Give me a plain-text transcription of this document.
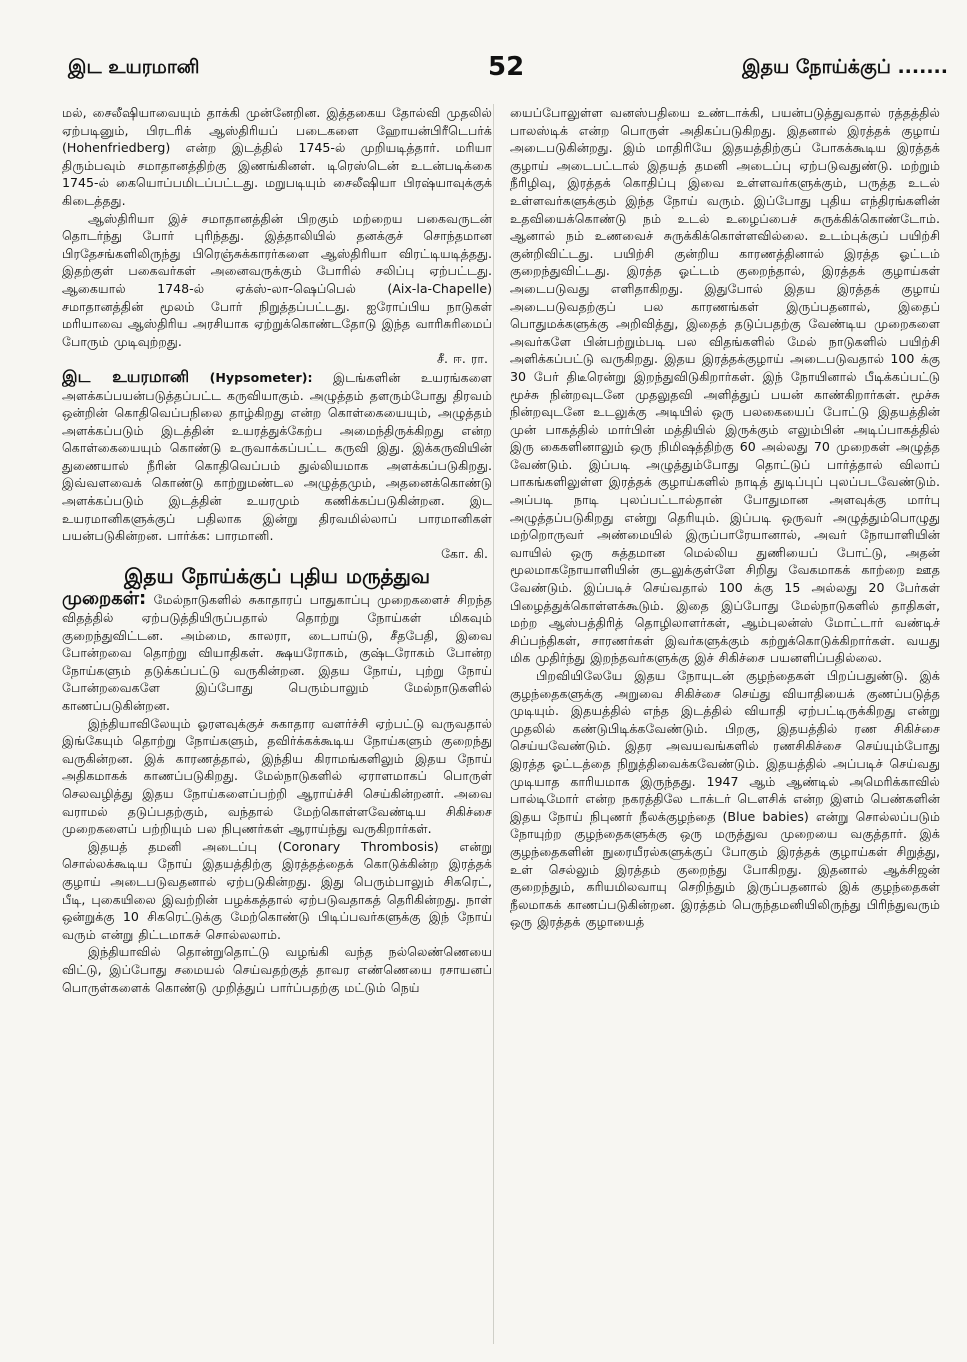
இட உயரமானி	52	இதய நோய்க்குப் .......

மல், சைலீஷியாவையும் தாக்கி முன்னேறின. இத்தகைய தோல்வி முதலில் ஏற்படினும், பிரடரிக் ஆஸ்திரியப் படைகளை ஹோயன்பிரீடெபர்க் (Hohenfriedberg) என்ற இடத்தில் 1745-ல் முறியடித்தார். மரியா திரும்பவும் சமாதானத்திற்கு இணங்கினள். டிரெஸ்டென் உடன்படிக்கை 1745-ல் கையொப்பமிடப்பட்டது. மறுபடியும் சைலீஷியா பிரஷ்யாவுக்குக் கிடைத்தது.

ஆஸ்திரியா இச் சமாதானத்தின் பிறகும் மற்றைய பகைவருடன் தொடர்ந்து போர் புரிந்தது. இத்தாலியில் தனக்குச் சொந்தமான பிரதேசங்களிலிருந்து பிரெஞ்சுக்காரர்களை ஆஸ்திரியா விரட்டியடித்தது. இதற்குள் பகைவர்கள் அனைவருக்கும் போரில் சலிப்பு ஏற்பட்டது. ஆகையால் 1748-ல் ஏக்ஸ்-லா-ஷெப்பெல் (Aix-la-Chapelle) சமாதானத்தின் மூலம் போர் நிறுத்தப்பட்டது. ஐரோப்பிய நாடுகள் மரியாவை ஆஸ்திரிய அரசியாக ஏற்றுக்கொண்டதோடு இந்த வாரிசுரிமைப் போரும் முடிவுற்றது.

சீ. ஈ. ரா.

இட உயரமானி (Hypsometer): இடங்களின் உயரங்களை அளக்கப்பயன்படுத்தப்பட்ட கருவியாகும். அழுத்தம் தளரும்போது திரவம் ஒன்றின் கொதிவெப்பநிலை தாழ்கிறது என்ற கொள்கையையும், அழுத்தம் அளக்கப்படும் இடத்தின் உயரத்துக்கேற்ப அமைந்திருக்கிறது என்ற கொள்கையையும் கொண்டு உருவாக்கப்பட்ட கருவி இது. இக்கருவியின் துணையால் நீரின் கொதிவெப்பம் துல்லியமாக அளக்கப்படுகிறது. இவ்வளவைக் கொண்டு காற்றுமண்டல அழுத்தமும், அதனைக்கொண்டு அளக்கப்படும் இடத்தின் உயரமும் கணிக்கப்படுகின்றன. இட உயரமானிகளுக்குப் பதிலாக இன்று திரவமில்லாப் பாரமானிகள் பயன்படுகின்றன. பார்க்க: பாரமானி.

கோ. கி.

இதய நோய்க்குப் புதிய மருத்துவ

முறைகள்: மேல்நாடுகளில் சுகாதாரப் பாதுகாப்பு முறைகளைச் சிறந்த விதத்தில் ஏற்படுத்தியிருப்பதால் தொற்று நோய்கள் மிகவும் குறைந்துவிட்டன. அம்மை, காலரா, டைபாய்டு, சீதபேதி, இவை போன்றவை தொற்று வியாதிகள். க்ஷயரோகம், குஷ்டரோகம் போன்ற நோய்களும் தடுக்கப்பட்டு வருகின்றன. இதய நோய், புற்று நோய் போன்றவைகளே இப்போது பெரும்பாலும் மேல்நாடுகளில் காணப்படுகின்றன.

இந்தியாவிலேயும் ஓரளவுக்குச் சுகாதார வளர்ச்சி ஏற்பட்டு வருவதால் இங்கேயும் தொற்று நோய்களும், தவிர்க்கக்கூடிய நோய்களும் குறைந்து வருகின்றன. இக் காரணத்தால், இந்திய கிராமங்களிலும் இதய நோய் அதிகமாகக் காணப்படுகிறது. மேல்நாடுகளில் ஏராளமாகப் பொருள் செலவழித்து இதய நோய்களைப்பற்றி ஆராய்ச்சி செய்கின்றனர். அவை வராமல் தடுப்பதற்கும், வந்தால் மேற்கொள்ளவேண்டிய சிகிச்சை முறைகளைப் பற்றியும் பல நிபுணர்கள் ஆராய்ந்து வருகிறார்கள்.

இதயத் தமனி அடைப்பு (Coronary Thrombosis) என்று சொல்லக்கூடிய நோய் இதயத்திற்கு இரத்தத்தைக் கொடுக்கின்ற இரத்தக் குழாய் அடைபடுவதனால் ஏற்படுகின்றது. இது பெரும்பாலும் சிகரெட், பீடி, புகையிலை இவற்றின் பழக்கத்தால் ஏற்படுவதாகத் தெரிகின்றது. நாள் ஒன்றுக்கு 10 சிகரெட்டுக்கு மேற்கொண்டு பிடிப்பவர்களுக்கு இந் நோய் வரும் என்று திட்டமாகச் சொல்லலாம்.

இந்தியாவில் தொன்றுதொட்டு வழங்கி வந்த நல்லெண்ணெயை விட்டு, இப்போது சமையல் செய்வதற்குத் தாவர எண்ணெயை ரசாயனப் பொருள்களைக் கொண்டு முறித்துப் பார்ப்பதற்கு மட்டும் நெய்

யைப்போலுள்ள வனஸ்பதியை உண்டாக்கி, பயன்படுத்துவதால் ரத்தத்தில் பாலஸ்டிக் என்ற பொருள் அதிகப்படுகிறது. இதனால் இரத்தக் குழாய் அடைபடுகின்றது. இம் மாதிரியே இதயத்திற்குப் போகக்கூடிய இரத்தக் குழாய் அடைபட்டால் இதயத் தமனி அடைப்பு ஏற்படுவதுண்டு. மற்றும் நீரிழிவு, இரத்தக் கொதிப்பு இவை உள்ளவர்களுக்கும், பருத்த உடல் உள்ளவர்களுக்கும் இந்த நோய் வரும். இப்போது புதிய எந்திரங்களின் உதவியைக்கொண்டு நம் உடல் உழைப்பைச் சுருக்கிக்கொண்டோம். ஆனால் நம் உணவைச் சுருக்கிக்கொள்ளவில்லை. உடம்புக்குப் பயிற்சி குன்றிவிட்டது. பயிற்சி குன்றிய காரணத்தினால் இரத்த ஓட்டம் குறைந்துவிட்டது. இரத்த ஓட்டம் குறைந்தால், இரத்தக் குழாய்கள் அடைபடுவது எளிதாகிறது. இதுபோல் இதய இரத்தக் குழாய் அடைபடுவதற்குப் பல காரணங்கள் இருப்பதனால், இதைப் பொதுமக்களுக்கு அறிவித்து, இதைத் தடுப்பதற்கு வேண்டிய முறைகளை அவர்களே பின்பற்றும்படி பல விதங்களில் மேல் நாடுகளில் பயிற்சி அளிக்கப்பட்டு வருகிறது. இதய இரத்தக்குழாய் அடைபடுவதால் 100 க்கு 30 பேர் திடீரென்று இறந்துவிடுகிறார்கள். இந் நோயினால் பீடிக்கப்பட்டு மூச்சு நின்றவுடனே முதலுதவி அளித்துப் பயன் காண்கிறார்கள். மூச்சு நின்றவுடனே உடலுக்கு அடியில் ஒரு பலகையைப் போட்டு இதயத்தின் முன் பாகத்தில் மார்பின் மத்தியில் இருக்கும் எலும்பின் அடிப்பாகத்தில் இரு கைகளினாலும் ஒரு நிமிஷத்திற்கு 60 அல்லது 70 முறைகள் அழுத்த வேண்டும். இப்படி அழுத்தும்போது தொட்டுப் பார்த்தால் விலாப் பாகங்களிலுள்ள இரத்தக் குழாய்களில் நாடித் துடிப்புப் புலப்படவேண்டும். அப்படி நாடி புலப்பட்டால்தான் போதுமான அளவுக்கு மார்பு அழுத்தப்படுகிறது என்று தெரியும். இப்படி ஒருவர் அழுத்தும்பொழுது மற்றொருவர் அண்மையில் இருப்பாரேயானால், அவர் நோயாளியின் வாயில் ஒரு சுத்தமான மெல்லிய துணியைப் போட்டு, அதன் மூலமாகநோயாளியின் குடலுக்குள்ளே சிறிது வேகமாகக் காற்றை ஊத வேண்டும். இப்படிச் செய்வதால் 100 க்கு 15 அல்லது 20 பேர்கள் பிழைத்துக்கொள்ளக்கூடும். இதை இப்போது மேல்நாடுகளில் தாதிகள், மற்ற ஆஸ்பத்திரித் தொழிலாளர்கள், ஆம்புலன்ஸ் மோட்டார் வண்டிச் சிப்பந்திகள், சாரணர்கள் இவர்களுக்கும் கற்றுக்கொடுக்கிறார்கள். வயது மிக முதிர்ந்து இறந்தவர்களுக்கு இச் சிகிச்சை பயனளிப்பதில்லை.

பிறவியிலேயே இதய நோயுடன் குழந்தைகள் பிறப்பதுண்டு. இக் குழந்தைகளுக்கு அறுவை சிகிச்சை செய்து வியாதியைக் குணப்படுத்த முடியும். இதயத்தில் எந்த இடத்தில் வியாதி ஏற்பட்டிருக்கிறது என்று முதலில் கண்டுபிடிக்கவேண்டும். பிறகு, இதயத்தில் ரண சிகிச்சை செய்யவேண்டும். இதர அவயவங்களில் ரணசிகிச்சை செய்யும்போது இரத்த ஓட்டத்தை நிறுத்திவைக்கவேண்டும். இதயத்தில் அப்படிச் செய்வது முடியாத காரியமாக இருந்தது. 1947 ஆம் ஆண்டில் அமெரிக்காவில் பால்டிமோர் என்ற நகரத்திலே டாக்டர் டௌசிக் என்ற இளம் பெண்களின் இதய நோய் நிபுணர் நீலக்குழந்தை (Blue babies) என்று சொல்லப்படும் நோயுற்ற குழந்தைகளுக்கு ஒரு மருத்துவ முறையை வகுத்தார். இக் குழந்தைகளின் நுரையீரல்களுக்குப் போகும் இரத்தக் குழாய்கள் சிறுத்து, உள் செல்லும் இரத்தம் குறைந்து போகிறது. இதனால் ஆக்சிஜன் குறைந்தும், கரியமிலவாயு செறிந்தும் இருப்பதனால் இக் குழந்தைகள் நீலமாகக் காணப்படுகின்றன. இரத்தம் பெருந்தமனியிலிருந்து பிரிந்துவரும் ஒரு இரத்தக் குழாயைத்
